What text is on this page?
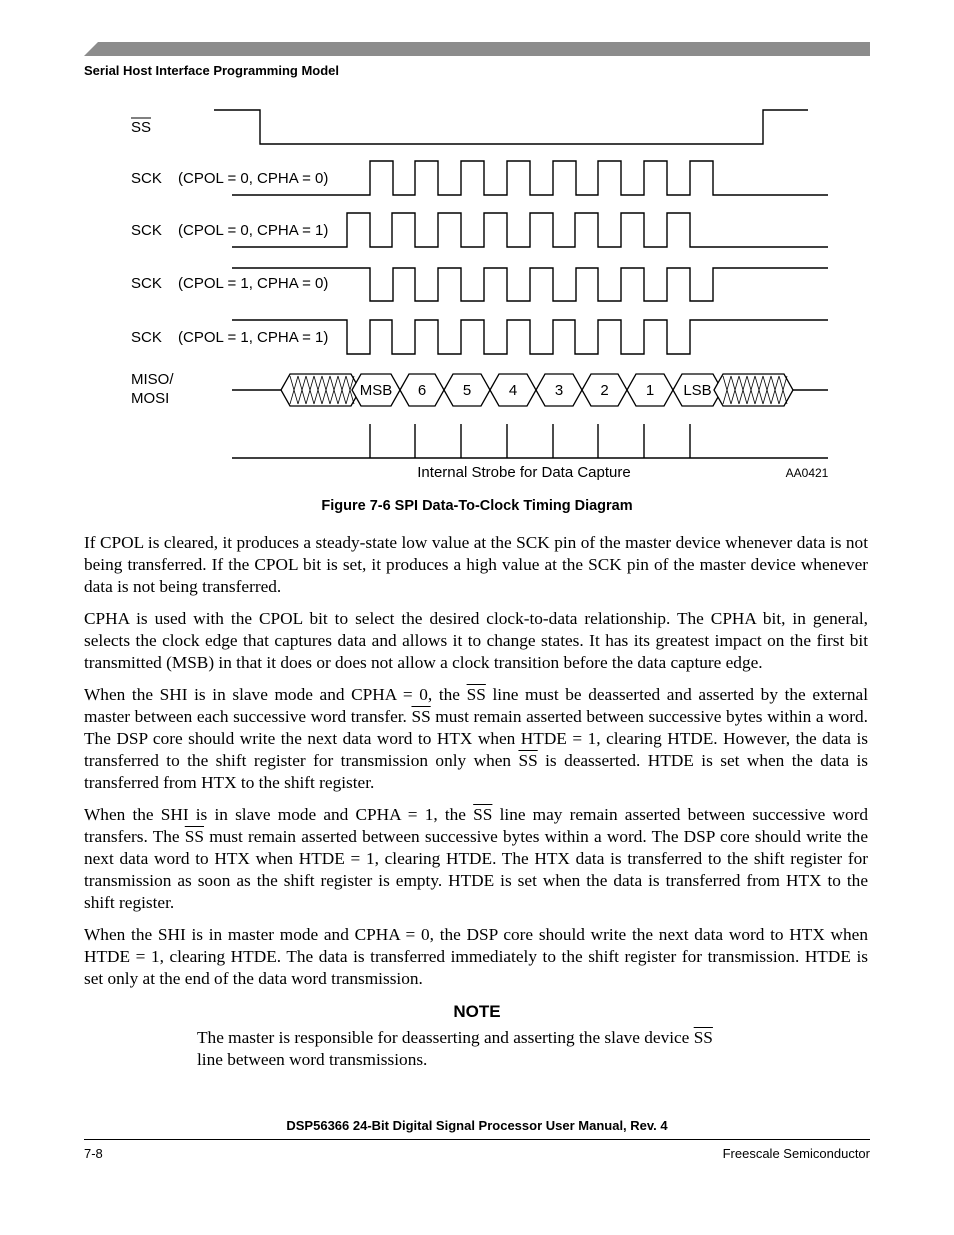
Serial Host Interface Programming Model
SS
SCK (CPOL = 0, CPHA = 0)
SCK (CPOL = 0, CPHA = 1)
SCK (CPOL = 1, CPHA = 0)
SCK (CPOL = 1, CPHA = 1)
MISO/
MOSI	MSB 6 5	4	3 2 1 LSB
Internal Strobe for Data Capture	AA0421
Figure 7-6 SPI Data-To-Clock Timing Diagram

If CPOL is cleared, it produces a steady-state low value at the SCK pin of the master device whenever data is not being transferred. If the CPOL bit is set, it produces a high value at the SCK pin of the master device whenever data is not being transferred.

CPHA is used with the CPOL bit to select the desired clock-to-data relationship. The CPHA bit, in general, selects the clock edge that captures data and allows it to change states. It has its greatest impact on the first bit transmitted (MSB) in that it does or does not allow a clock transition before the data capture edge.

When the SHI is in slave mode and CPHA = 0, the $\overline{SS}$ line must be deasserted and asserted by the external master between each successive word transfer. $\overline{SS}$ must remain asserted between successive bytes within a word. The DSP core should write the next data word to HTX when HTDE = 1, clearing HTDE. However, the data is transferred to the shift register for transmission only when $\overline{SS}$ is deasserted. HTDE is set when the data is transferred from HTX to the shift register.

When the SHI is in slave mode and CPHA = 1, the $\overline{SS}$ line may remain asserted between successive word transfers. The $\overline{SS}$ must remain asserted between successive bytes within a word. The DSP core should write the next data word to HTX when HTDE = 1, clearing HTDE. The HTX data is transferred to the shift register for transmission as soon as the shift register is empty. HTDE is set when the data is transferred from HTX to the shift register.

When the SHI is in master mode and CPHA = 0, the DSP core should write the next data word to HTX when HTDE = 1, clearing HTDE. The data is transferred immediately to the shift register for transmission. HTDE is set only at the end of the data word transmission.

NOTE

The master is responsible for deasserting and asserting the slave device $\overline{SS}$
line between word transmissions.

DSP56366 24-Bit Digital Signal Processor User Manual, Rev. 4
7-8	Freescale Semiconductor
